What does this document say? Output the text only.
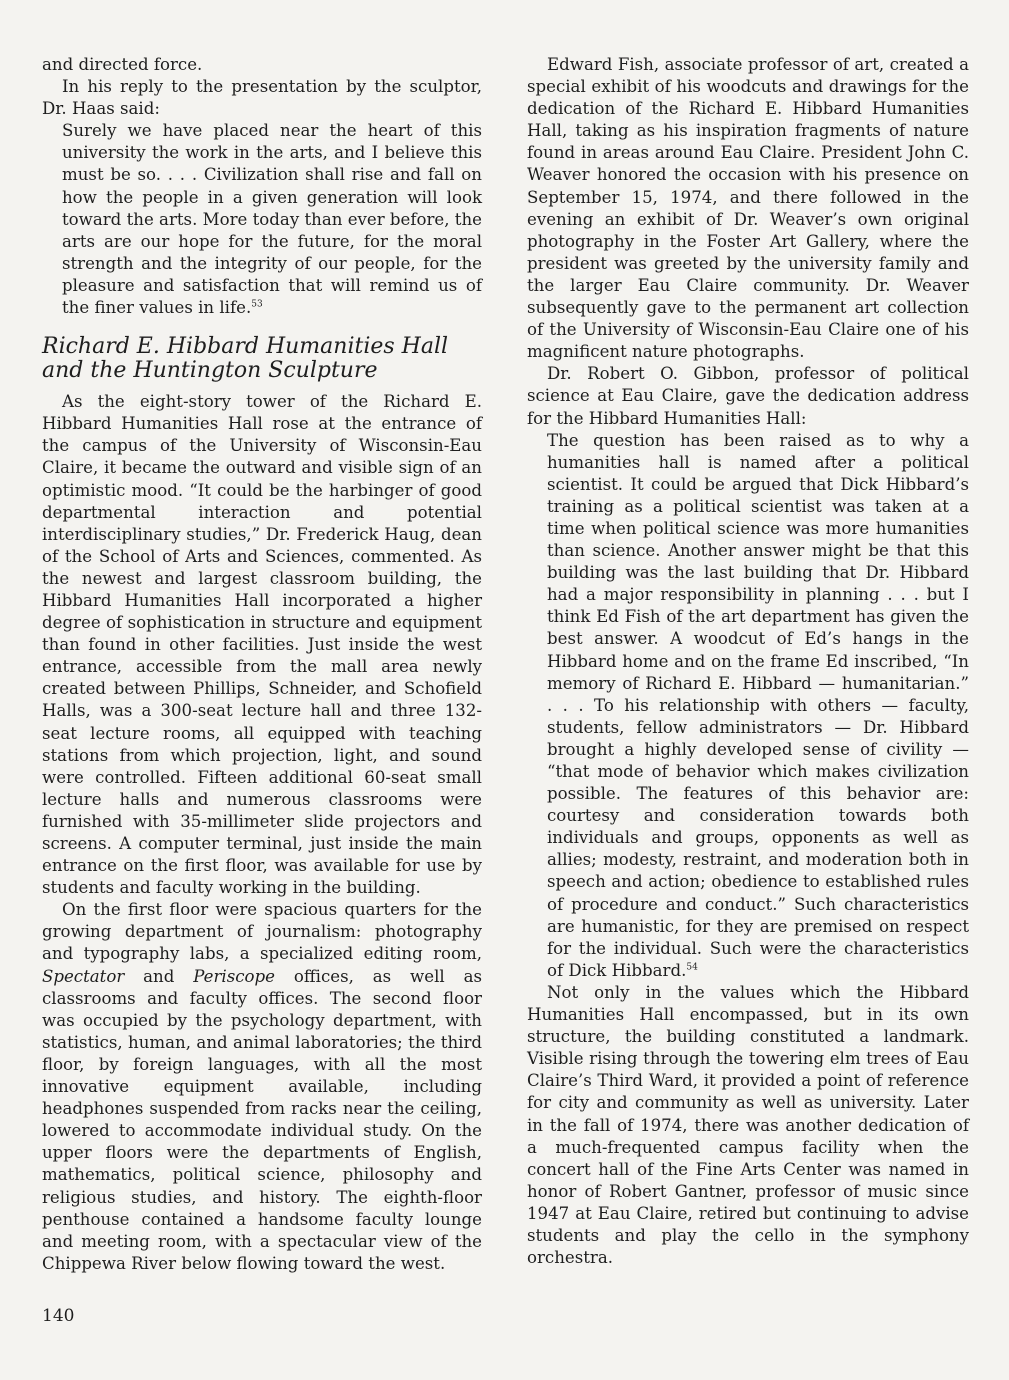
and directed force.

In his reply to the presentation by the sculptor, Dr. Haas said:

Surely we have placed near the heart of this university the work in the arts, and I believe this must be so. . . . Civilization shall rise and fall on how the people in a given generation will look toward the arts. More today than ever before, the arts are our hope for the future, for the moral strength and the integrity of our people, for the pleasure and satisfaction that will remind us of the finer values in life.$^{53}$

Richard E. Hibbard Humanities Hall
and the Huntington Sculpture

As the eight-story tower of the Richard E. Hibbard Humanities Hall rose at the entrance of the campus of the University of Wisconsin-Eau Claire, it became the outward and visible sign of an optimistic mood. “It could be the harbinger of good departmental interaction and potential interdisciplinary studies,” Dr. Frederick Haug, dean of the School of Arts and Sciences, commented. As the newest and largest classroom building, the Hibbard Humanities Hall incorporated a higher degree of sophistication in structure and equipment than found in other facilities. Just inside the west entrance, accessible from the mall area newly created between Phillips, Schneider, and Schofield Halls, was a 300-seat lecture hall and three 132-seat lecture rooms, all equipped with teaching stations from which projection, light, and sound were controlled. Fifteen additional 60-seat small lecture halls and numerous classrooms were furnished with 35-millimeter slide projectors and screens. A computer terminal, just inside the main entrance on the first floor, was available for use by students and faculty working in the building.

On the first floor were spacious quarters for the growing department of journalism: photography and typography labs, a specialized editing room, Spectator and Periscope offices, as well as classrooms and faculty offices. The second floor was occupied by the psychology department, with statistics, human, and animal laboratories; the third floor, by foreign languages, with all the most innovative equipment available, including headphones suspended from racks near the ceiling, lowered to accommodate individual study. On the upper floors were the departments of English, mathematics, political science, philosophy and religious studies, and history. The eighth-floor penthouse contained a handsome faculty lounge and meeting room, with a spectacular view of the Chippewa River below flowing toward the west.

Edward Fish, associate professor of art, created a special exhibit of his woodcuts and drawings for the dedication of the Richard E. Hibbard Humanities Hall, taking as his inspiration fragments of nature found in areas around Eau Claire. President John C. Weaver honored the occasion with his presence on September 15, 1974, and there followed in the evening an exhibit of Dr. Weaver’s own original photography in the Foster Art Gallery, where the president was greeted by the university family and the larger Eau Claire community. Dr. Weaver subsequently gave to the permanent art collection of the University of Wisconsin-Eau Claire one of his magnificent nature photographs.

Dr. Robert O. Gibbon, professor of political science at Eau Claire, gave the dedication address for the Hibbard Humanities Hall:

The question has been raised as to why a humanities hall is named after a political scientist. It could be argued that Dick Hibbard’s training as a political scientist was taken at a time when political science was more humanities than science. Another answer might be that this building was the last building that Dr. Hibbard had a major responsibility in planning . . . but I think Ed Fish of the art department has given the best answer. A woodcut of Ed’s hangs in the Hibbard home and on the frame Ed inscribed, “In memory of Richard E. Hibbard — humanitarian.” . . . To his relationship with others — faculty, students, fellow administrators — Dr. Hibbard brought a highly developed sense of civility — “that mode of behavior which makes civilization possible. The features of this behavior are: courtesy and consideration towards both individuals and groups, opponents as well as allies; modesty, restraint, and moderation both in speech and action; obedience to established rules of procedure and conduct.” Such characteristics are humanistic, for they are premised on respect for the individual. Such were the characteristics of Dick Hibbard.$^{54}$

Not only in the values which the Hibbard Humanities Hall encompassed, but in its own structure, the building constituted a landmark. Visible rising through the towering elm trees of Eau Claire’s Third Ward, it provided a point of reference for city and community as well as university. Later in the fall of 1974, there was another dedication of a much-frequented campus facility when the concert hall of the Fine Arts Center was named in honor of Robert Gantner, professor of music since 1947 at Eau Claire, retired but continuing to advise students and play the cello in the symphony orchestra.

140
